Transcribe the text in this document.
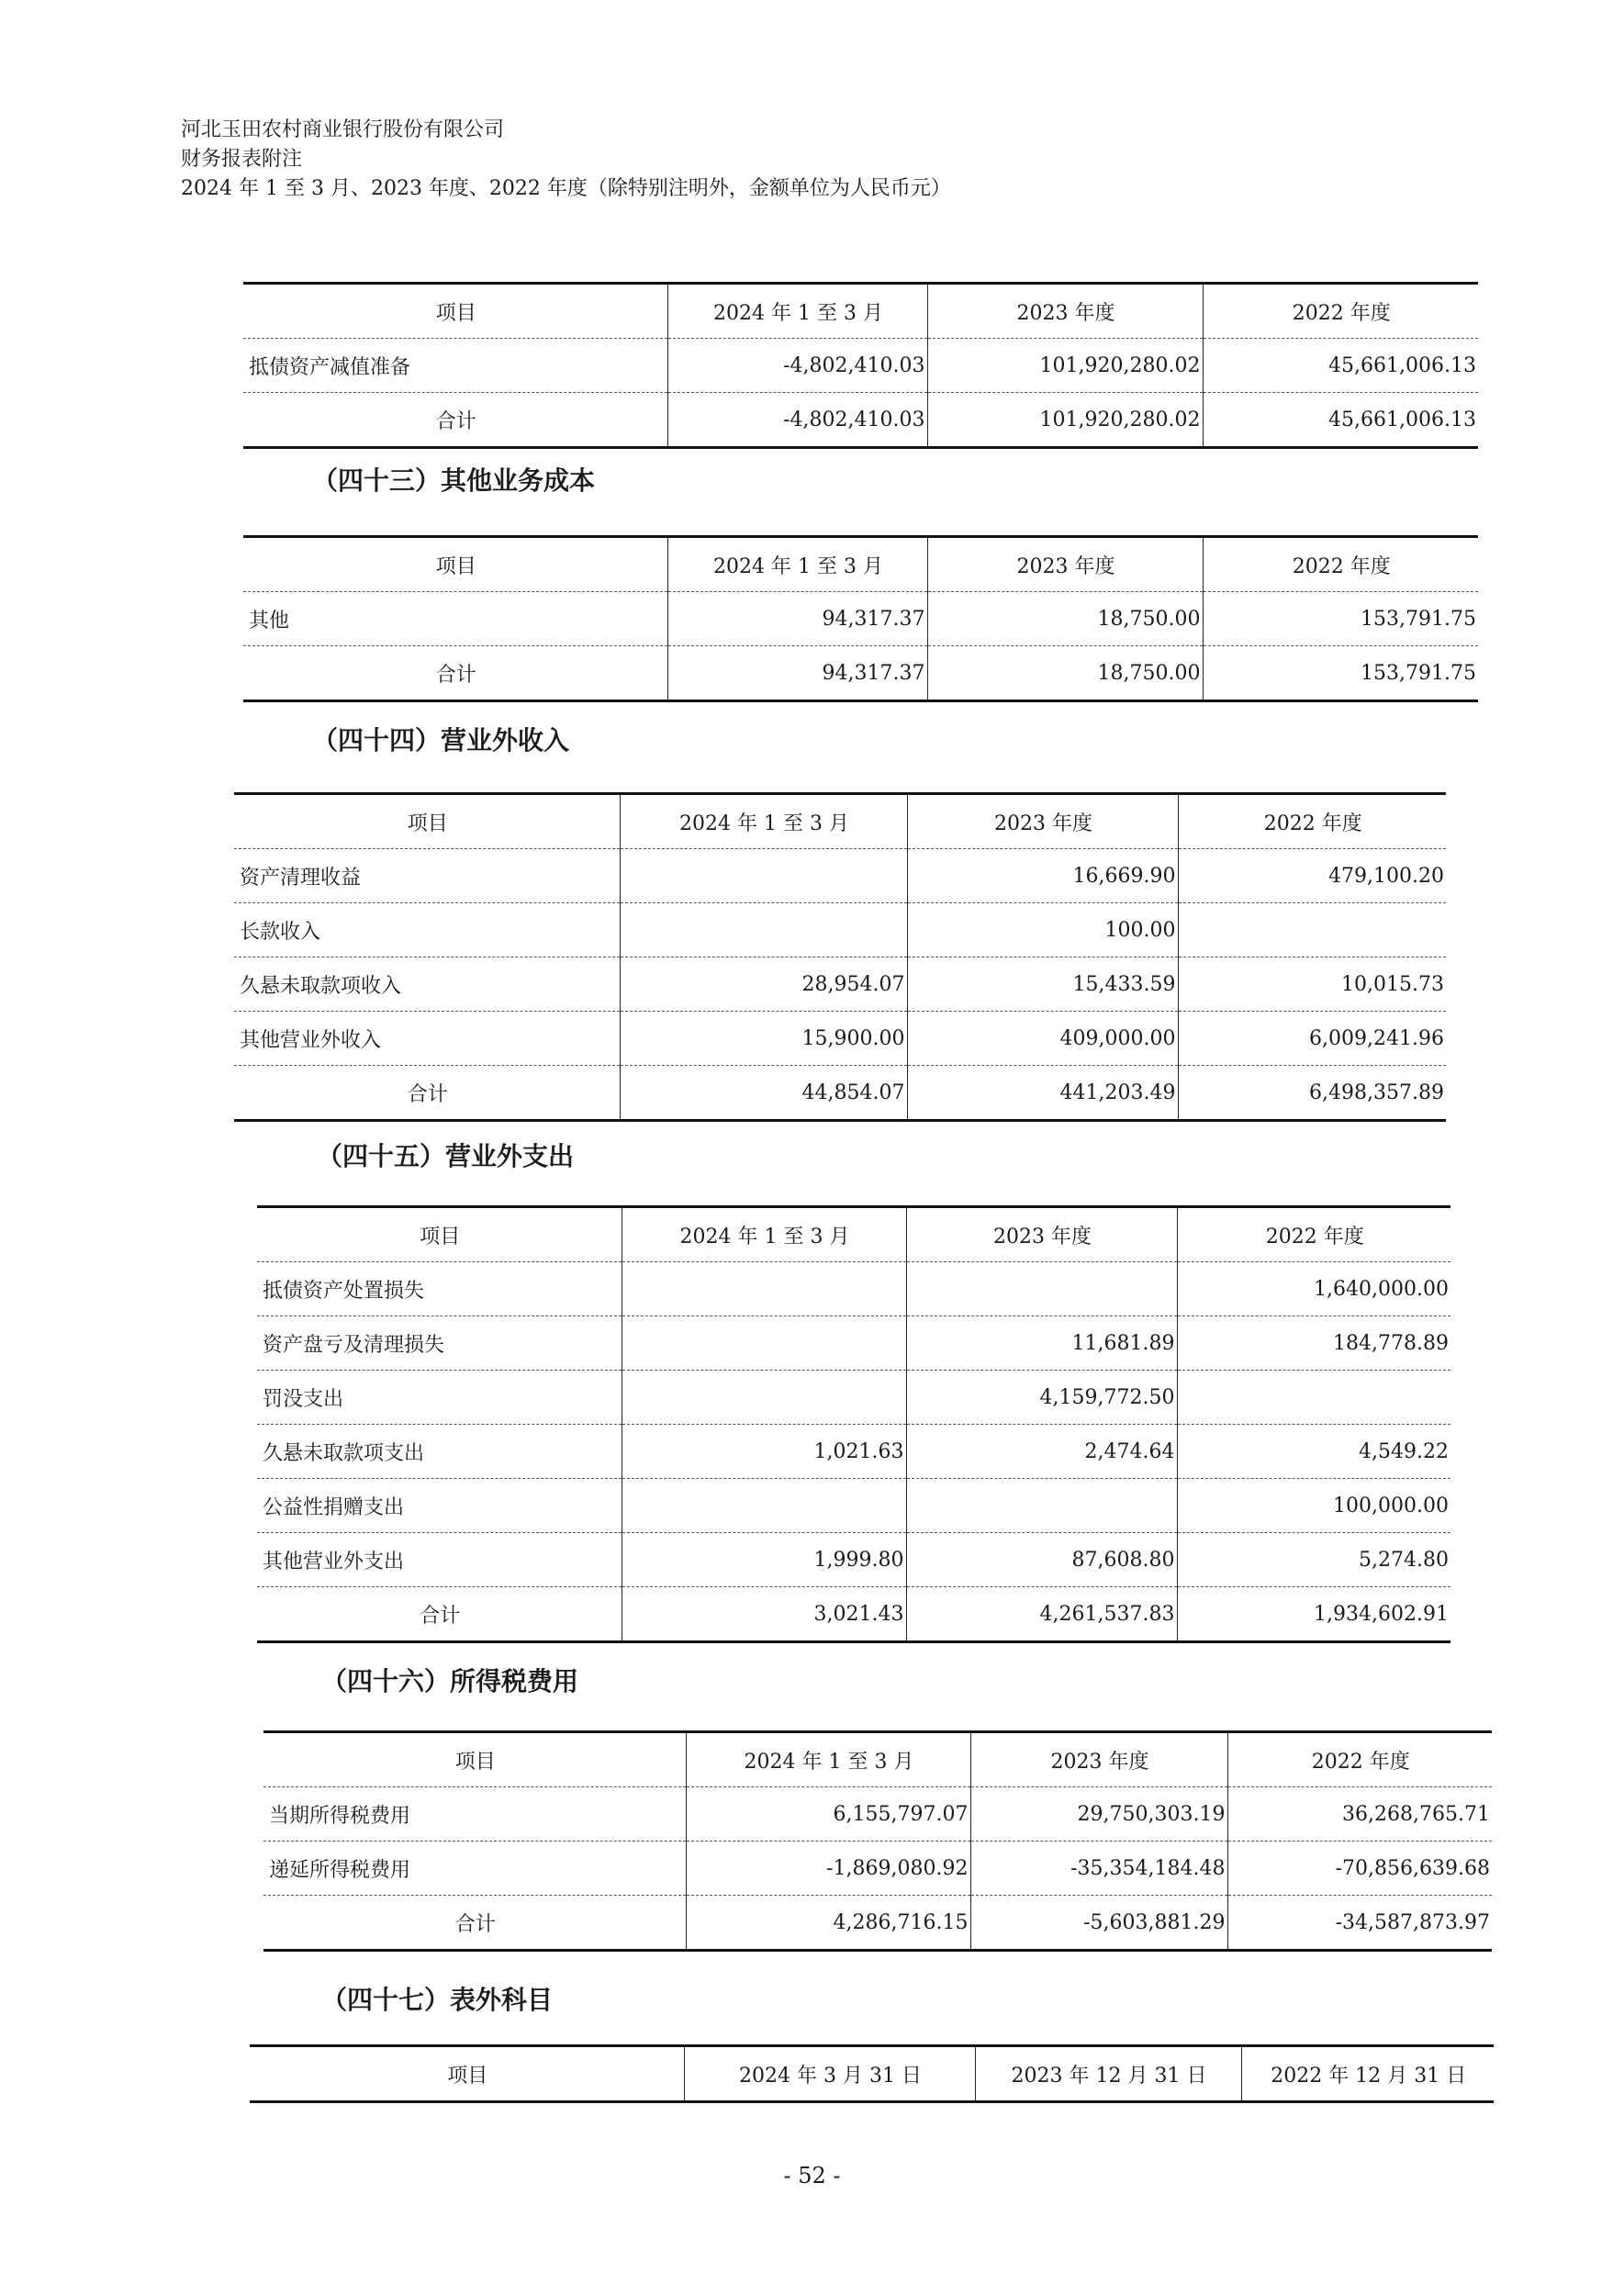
河北玉田农村商业银行股份有限公司
财务报表附注
2024 年 1 至 3 月、2023 年度、2022 年度（除特别注明外，金额单位为人民币元）
项目	2024 年 1 至 3 月	2023 年度	2022 年度
抵债资产减值准备	-4,802,410.03	101,920,280.02	45,661,006.13
合计	-4,802,410.03	101,920,280.02	45,661,006.13
（四十三）其他业务成本
项目	2024 年 1 至 3 月	2023 年度	2022 年度
其他	94,317.37	18,750.00	153,791.75
合计	94,317.37	18,750.00	153,791.75
（四十四）营业外收入
项目	2024 年 1 至 3 月	2023 年度	2022 年度
资产清理收益		16,669.90	479,100.20
长款收入		100.00	
久悬未取款项收入	28,954.07	15,433.59	10,015.73
其他营业外收入	15,900.00	409,000.00	6,009,241.96
合计	44,854.07	441,203.49	6,498,357.89
（四十五）营业外支出
项目	2024 年 1 至 3 月	2023 年度	2022 年度
抵债资产处置损失			1,640,000.00
资产盘亏及清理损失		11,681.89	184,778.89
罚没支出		4,159,772.50	
久悬未取款项支出	1,021.63	2,474.64	4,549.22
公益性捐赠支出			100,000.00
其他营业外支出	1,999.80	87,608.80	5,274.80
合计	3,021.43	4,261,537.83	1,934,602.91
（四十六）所得税费用
项目	2024 年 1 至 3 月	2023 年度	2022 年度
当期所得税费用	6,155,797.07	29,750,303.19	36,268,765.71
递延所得税费用	-1,869,080.92	-35,354,184.48	-70,856,639.68
合计	4,286,716.15	-5,603,881.29	-34,587,873.97
（四十七）表外科目
项目	2024 年 3 月 31 日	2023 年 12 月 31 日	2022 年 12 月 31 日
- 52 -
